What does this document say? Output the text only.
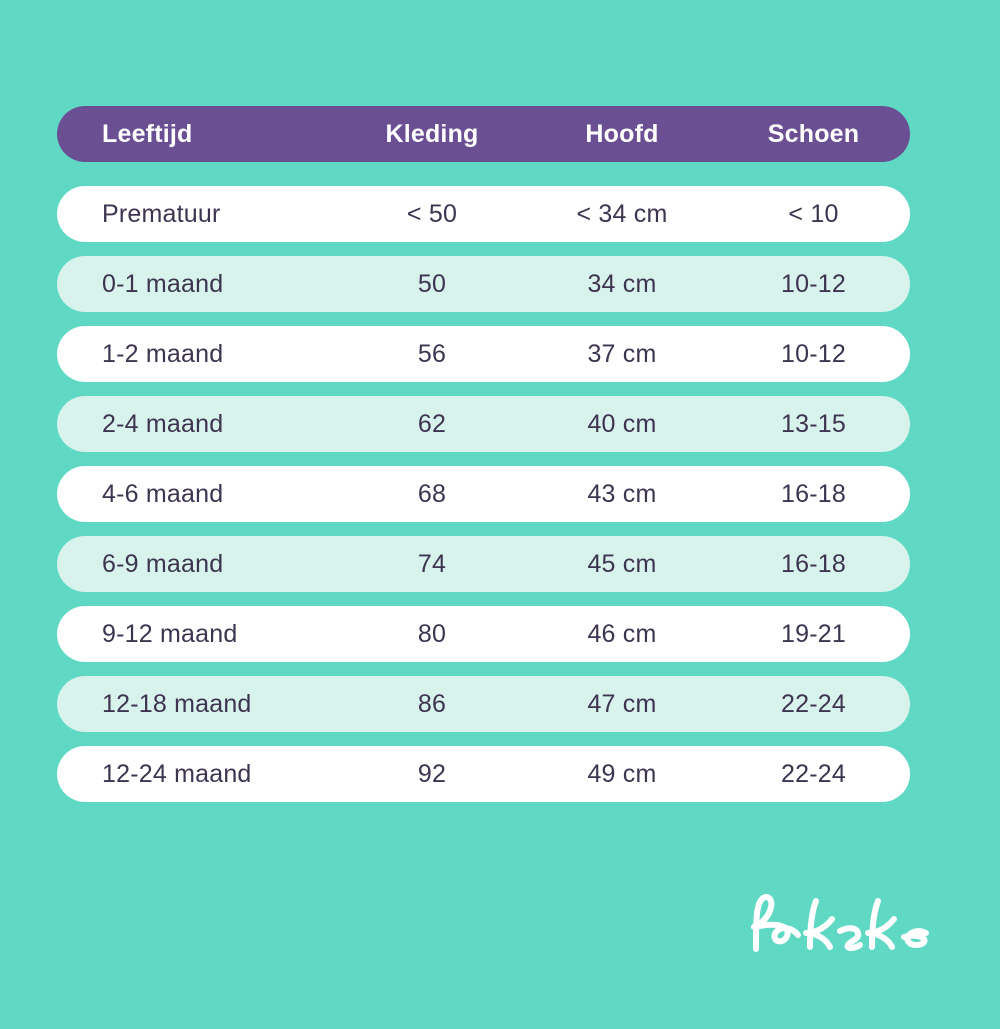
Leeftijd	Kleding	Hoofd	Schoen
Prematuur	< 50	< 34 cm	< 10
0-1 maand	50	34 cm	10-12
1-2 maand	56	37 cm	10-12
2-4 maand	62	40 cm	13-15
4-6 maand	68	43 cm	16-18
6-9 maand	74	45 cm	16-18
9-12 maand	80	46 cm	19-21
12-18 maand	86	47 cm	22-24
12-24 maand	92	49 cm	22-24
